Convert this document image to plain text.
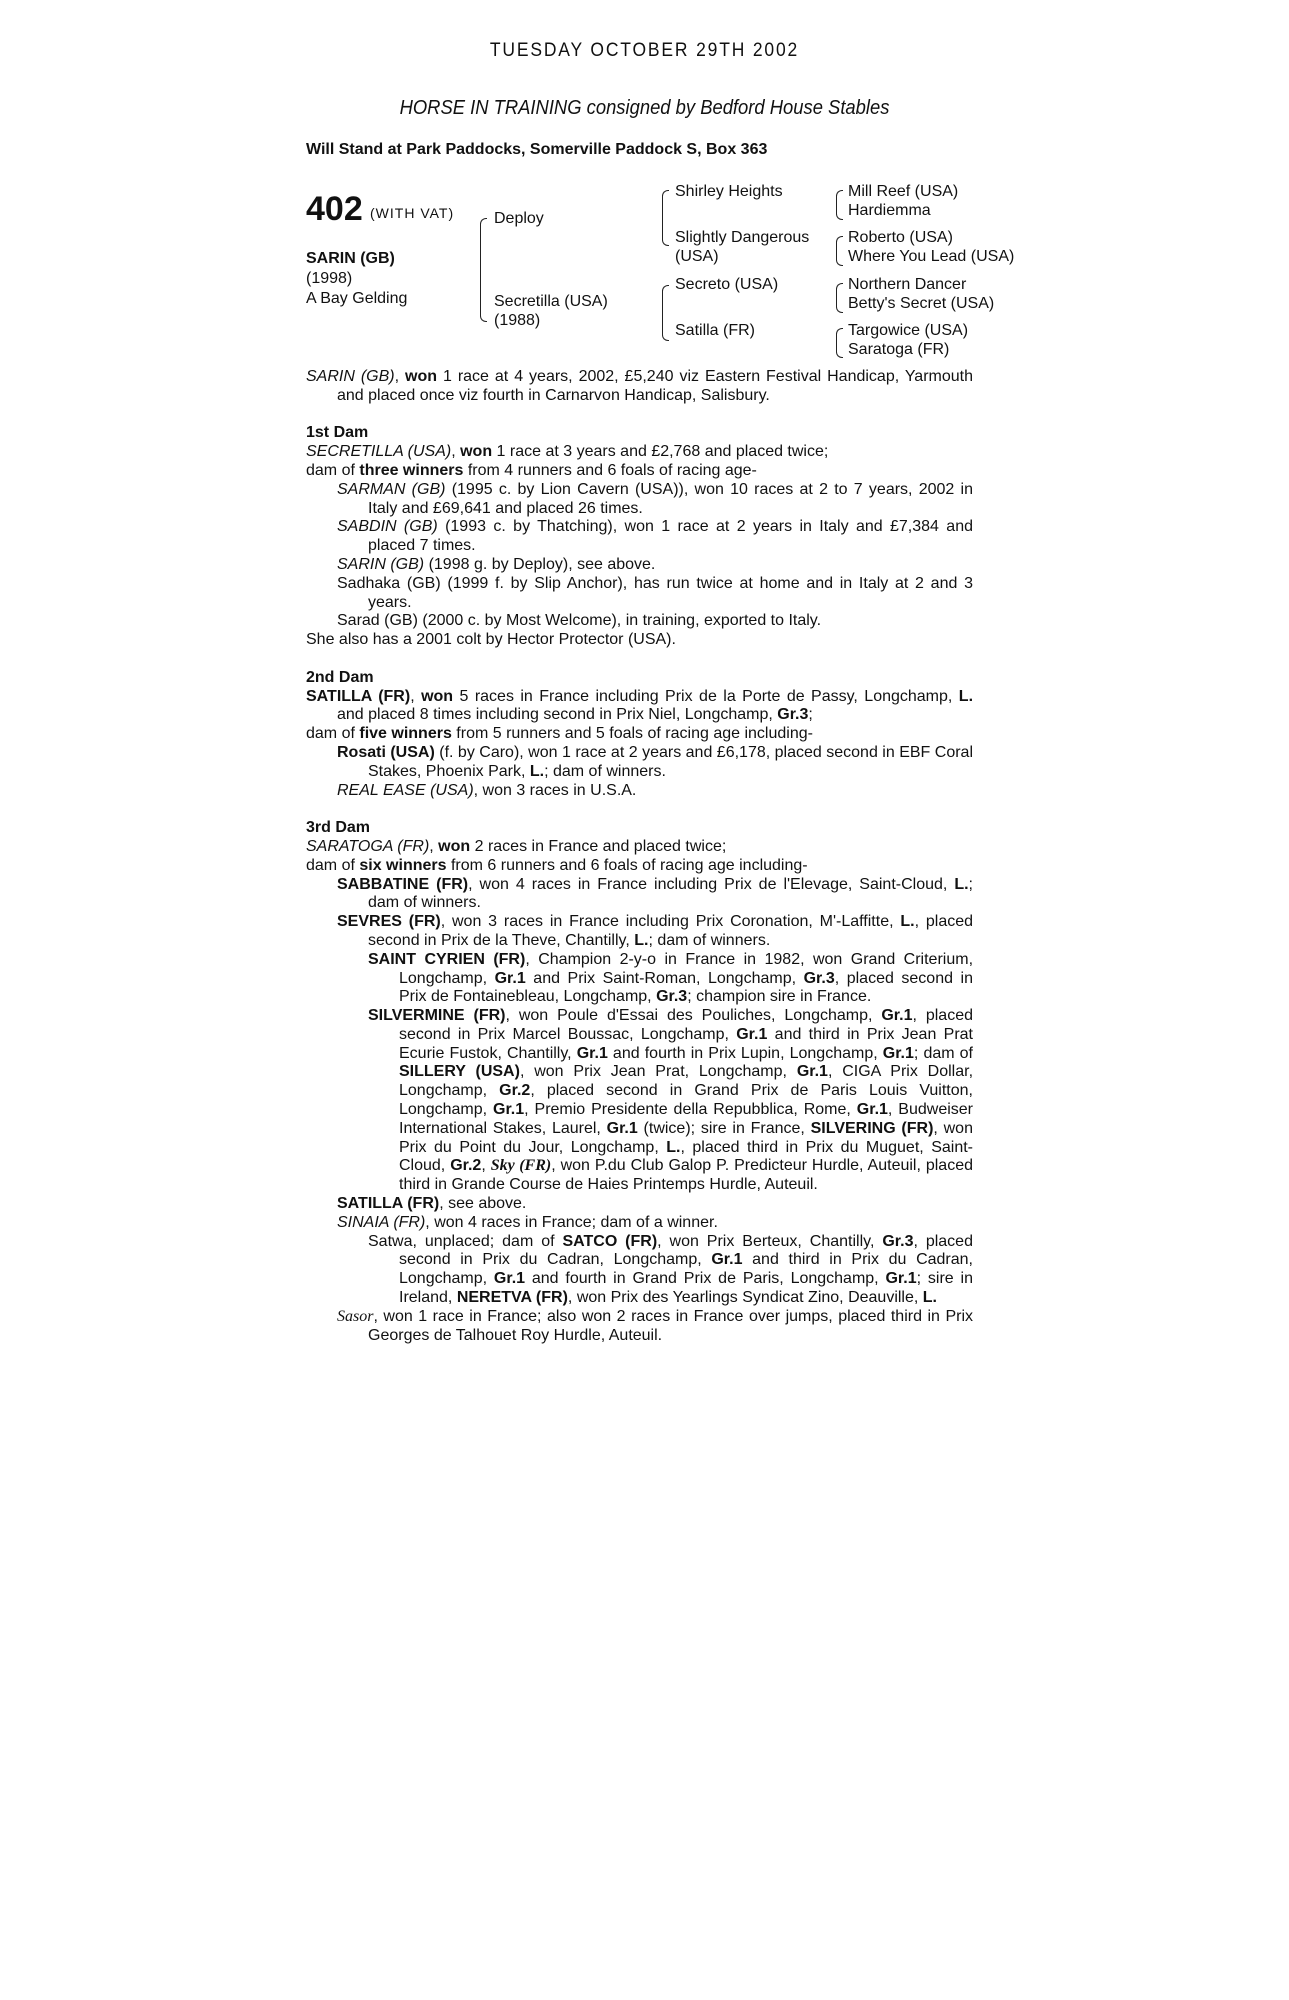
TUESDAY OCTOBER 29TH 2002
HORSE IN TRAINING consigned by Bedford House Stables
Will Stand at Park Paddocks, Somerville Paddock S, Box 363
402 (WITH VAT)
SARIN (GB)
(1998)
A Bay Gelding
Deploy
Secretilla (USA)
(1988)
Shirley Heights
Slightly Dangerous
(USA)
Secreto (USA)
Satilla (FR)
Mill Reef (USA)
Hardiemma
Roberto (USA)
Where You Lead (USA)
Northern Dancer
Betty's Secret (USA)
Targowice (USA)
Saratoga (FR)

SARIN (GB), won 1 race at 4 years, 2002, £5,240 viz Eastern Festival Handicap, Yarmouth and placed once viz fourth in Carnarvon Handicap, Salisbury.

1st Dam

SECRETILLA (USA), won 1 race at 3 years and £2,768 and placed twice;

dam of three winners from 4 runners and 6 foals of racing age-

SARMAN (GB) (1995 c. by Lion Cavern (USA)), won 10 races at 2 to 7 years, 2002 in Italy and £69,641 and placed 26 times.

SABDIN (GB) (1993 c. by Thatching), won 1 race at 2 years in Italy and £7,384 and placed 7 times.

SARIN (GB) (1998 g. by Deploy), see above.

Sadhaka (GB) (1999 f. by Slip Anchor), has run twice at home and in Italy at 2 and 3 years.

Sarad (GB) (2000 c. by Most Welcome), in training, exported to Italy.

She also has a 2001 colt by Hector Protector (USA).

2nd Dam

SATILLA (FR), won 5 races in France including Prix de la Porte de Passy, Longchamp, L. and placed 8 times including second in Prix Niel, Longchamp, Gr.3;

dam of five winners from 5 runners and 5 foals of racing age including-

Rosati (USA) (f. by Caro), won 1 race at 2 years and £6,178, placed second in EBF Coral Stakes, Phoenix Park, L.; dam of winners.

REAL EASE (USA), won 3 races in U.S.A.

3rd Dam

SARATOGA (FR), won 2 races in France and placed twice;

dam of six winners from 6 runners and 6 foals of racing age including-

SABBATINE (FR), won 4 races in France including Prix de l'Elevage, Saint-Cloud, L.; dam of winners.

SEVRES (FR), won 3 races in France including Prix Coronation, M'-Laffitte, L., placed second in Prix de la Theve, Chantilly, L.; dam of winners.

SAINT CYRIEN (FR), Champion 2-y-o in France in 1982, won Grand Criterium, Longchamp, Gr.1 and Prix Saint-Roman, Longchamp, Gr.3, placed second in Prix de Fontainebleau, Longchamp, Gr.3; champion sire in France.

SILVERMINE (FR), won Poule d'Essai des Pouliches, Longchamp, Gr.1, placed second in Prix Marcel Boussac, Longchamp, Gr.1 and third in Prix Jean Prat Ecurie Fustok, Chantilly, Gr.1 and fourth in Prix Lupin, Longchamp, Gr.1; dam of SILLERY (USA), won Prix Jean Prat, Longchamp, Gr.1, CIGA Prix Dollar, Longchamp, Gr.2, placed second in Grand Prix de Paris Louis Vuitton, Longchamp, Gr.1, Premio Presidente della Repubblica, Rome, Gr.1, Budweiser International Stakes, Laurel, Gr.1 (twice); sire in France, SILVERING (FR), won Prix du Point du Jour, Longchamp, L., placed third in Prix du Muguet, Saint-Cloud, Gr.2, Sky (FR), won P.du Club Galop P. Predicteur Hurdle, Auteuil, placed third in Grande Course de Haies Printemps Hurdle, Auteuil.

SATILLA (FR), see above.

SINAIA (FR), won 4 races in France; dam of a winner.

Satwa, unplaced; dam of SATCO (FR), won Prix Berteux, Chantilly, Gr.3, placed second in Prix du Cadran, Longchamp, Gr.1 and third in Prix du Cadran, Longchamp, Gr.1 and fourth in Grand Prix de Paris, Longchamp, Gr.1; sire in Ireland, NERETVA (FR), won Prix des Yearlings Syndicat Zino, Deauville, L.

Sasor, won 1 race in France; also won 2 races in France over jumps, placed third in Prix Georges de Talhouet Roy Hurdle, Auteuil.
